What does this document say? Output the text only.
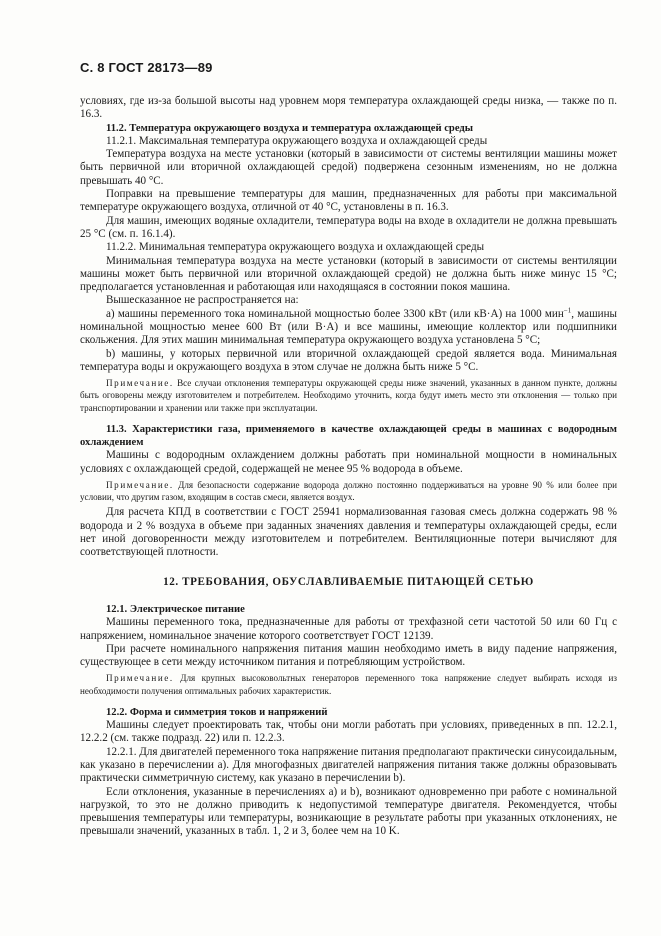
С. 8 ГОСТ 28173—89

условиях, где из-за большой высоты над уровнем моря температура охлаждающей среды низка, — также по п. 16.3.

11.2. Температура окружающего воздуха и температура охлаждающей среды

11.2.1. Максимальная температура окружающего воздуха и охлаждающей среды

Температура воздуха на месте установки (который в зависимости от системы вентиляции машины может быть первичной или вторичной охлаждающей средой) подвержена сезонным изменениям, но не должна превышать 40 °С.

Поправки на превышение температуры для машин, предназначенных для работы при максимальной температуре окружающего воздуха, отличной от 40 °С, установлены в п. 16.3.

Для машин, имеющих водяные охладители, температура воды на входе в охладители не должна превышать 25 °С (см. п. 16.1.4).

11.2.2. Минимальная температура окружающего воздуха и охлаждающей среды

Минимальная температура воздуха на месте установки (который в зависимости от системы вентиляции машины может быть первичной или вторичной охлаждающей средой) не должна быть ниже минус 15 °С; предполагается установленная и работающая или находящаяся в состоянии покоя машина.

Вышесказанное не распространяется на:

а) машины переменного тока номинальной мощностью более 3300 кВт (или кВ·А) на 1000 мин$^{-1}$, машины номинальной мощностью менее 600 Вт (или В·А) и все машины, имеющие коллектор или подшипники скольжения. Для этих машин минимальная температура окружающего воздуха установлена 5 °С;

b) машины, у которых первичной или вторичной охлаждающей средой является вода. Минимальная температура воды и окружающего воздуха в этом случае не должна быть ниже 5 °С.

Примечание. Все случаи отклонения температуры окружающей среды ниже значений, указанных в данном пункте, должны быть оговорены между изготовителем и потребителем. Необходимо уточнить, когда будут иметь место эти отклонения — только при транспортировании и хранении или также при эксплуатации.

11.3. Характеристики газа, применяемого в качестве охлаждающей среды в машинах с водородным охлаждением

Машины с водородным охлаждением должны работать при номинальной мощности в номинальных условиях с охлаждающей средой, содержащей не менее 95 % водорода в объеме.

Примечание. Для безопасности содержание водорода должно постоянно поддерживаться на уровне 90 % или более при условии, что другим газом, входящим в состав смеси, является воздух.

Для расчета КПД в соответствии с ГОСТ 25941 нормализованная газовая смесь должна содержать 98 % водорода и 2 % воздуха в объеме при заданных значениях давления и температуры охлаждающей среды, если нет иной договоренности между изготовителем и потребителем. Вентиляционные потери вычисляют для соответствующей плотности.

12. ТРЕБОВАНИЯ, ОБУСЛАВЛИВАЕМЫЕ ПИТАЮЩЕЙ СЕТЬЮ

12.1. Электрическое питание

Машины переменного тока, предназначенные для работы от трехфазной сети частотой 50 или 60 Гц с напряжением, номинальное значение которого соответствует ГОСТ 12139.

При расчете номинального напряжения питания машин необходимо иметь в виду падение напряжения, существующее в сети между источником питания и потребляющим устройством.

Примечание. Для крупных высоковольтных генераторов переменного тока напряжение следует выбирать исходя из необходимости получения оптимальных рабочих характеристик.

12.2. Форма и симметрия токов и напряжений

Машины следует проектировать так, чтобы они могли работать при условиях, приведенных в пп. 12.2.1, 12.2.2 (см. также подразд. 22) или п. 12.2.3.

12.2.1. Для двигателей переменного тока напряжение питания предполагают практически синусоидальным, как указано в перечислении а). Для многофазных двигателей напряжения питания также должны образовывать практически симметричную систему, как указано в перечислении b).

Если отклонения, указанные в перечислениях а) и b), возникают одновременно при работе с номинальной нагрузкой, то это не должно приводить к недопустимой температуре двигателя. Рекомендуется, чтобы превышения температуры или температуры, возникающие в результате работы при указанных отклонениях, не превышали значений, указанных в табл. 1, 2 и 3, более чем на 10 K.
